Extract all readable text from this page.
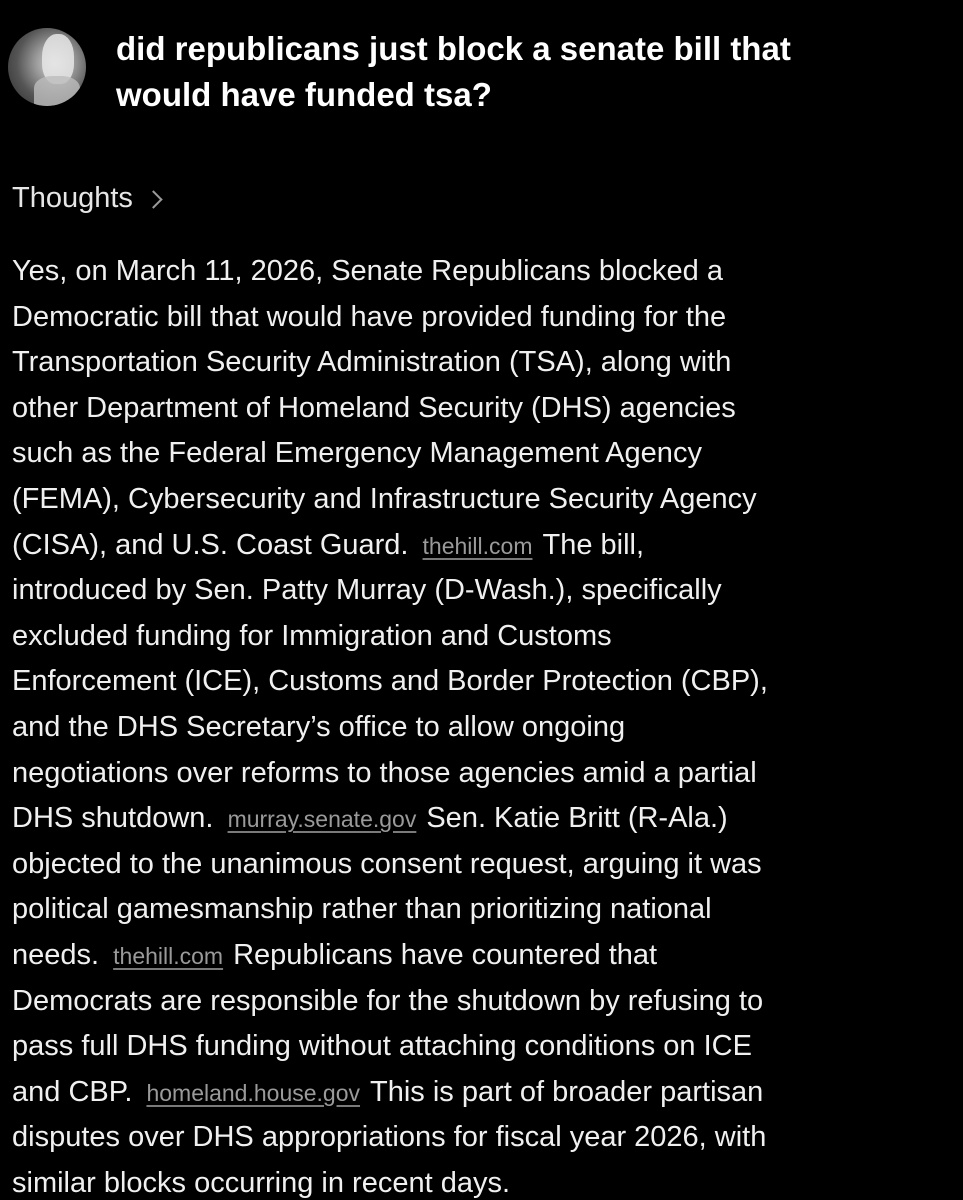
did republicans just block a senate bill that
would have funded tsa?
Thoughts
Yes, on March 11, 2026, Senate Republicans blocked a
Democratic bill that would have provided funding for the
Transportation Security Administration (TSA), along with
other Department of Homeland Security (DHS) agencies
such as the Federal Emergency Management Agency
(FEMA), Cybersecurity and Infrastructure Security Agency
(CISA), and U.S. Coast Guard. thehill.com The bill,
introduced by Sen. Patty Murray (D-Wash.), specifically
excluded funding for Immigration and Customs
Enforcement (ICE), Customs and Border Protection (CBP),
and the DHS Secretary’s office to allow ongoing
negotiations over reforms to those agencies amid a partial
DHS shutdown. murray.senate.gov Sen. Katie Britt (R-Ala.)
objected to the unanimous consent request, arguing it was
political gamesmanship rather than prioritizing national
needs. thehill.com Republicans have countered that
Democrats are responsible for the shutdown by refusing to
pass full DHS funding without attaching conditions on ICE
and CBP. homeland.house.gov This is part of broader partisan
disputes over DHS appropriations for fiscal year 2026, with
similar blocks occurring in recent days.
